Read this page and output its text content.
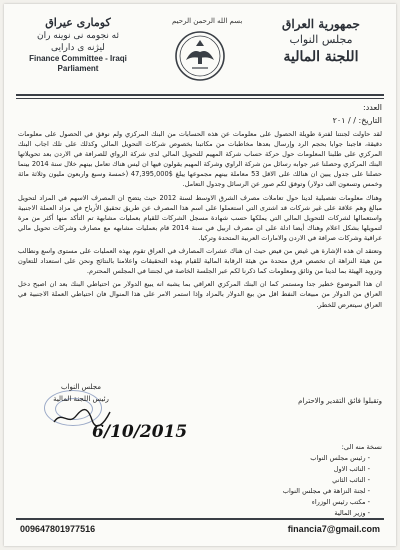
كومارى عيراق
ئه نجومه نى نوينه ران
ليژنه ى دارايى
Finance Committee - Iraqi
Parliament
بسم الله الرحمن الرحيم	جمهورية العراق
مجلس النواب
اللجنة المالية
العدد:
التاريخ: / / ٢٠١

لقد حاولت لجنتنا لفترة طويلة الحصول على معلومات عن هذه الحسابات من البنك المركزي ولم نوفق في الحصول على معلومات دقيقة، فاجبنا جوابا بحجم الرد وإرسال بعدها مخاطبات من مكاتبنا بخصوص شركات التحويل المالي وكذلك على تلك اجاب البنك المركزي على طلبنا المعلومات حول حركة حساب شركة المهيم للتحويل المالي لدى شركة الرواي للصرافة في الاردن بعد تحويلاتها البنك المركزي وحصلنا عبر جوابه رسائل من شركة الراوي وشركة المهيم يقولون فيها ان ليس هناك تعامل بينهم خلال سنة 2014 بينما حصلنا على جدول يبين ان هنالك على الاقل 53 معاملة بينهم مجموعها يبلغ $47,395,000 (خمسة وسبع واربعون مليون وثلاثة مائة وخمس وتسعون الف دولار) وتوفق لكم صور عن الرسائل وجدول التعامل.

وهناك معلومات تفصيلية لدينا حول تعاملات مصرف الشرق الاوسط لسنة 2012 حيث يتضح ان المصرف الاسهم في المزاد لتحويل مبالغ وهم علاقة على غير شركات قد اشترى التي استعملوا على اسم هذا المصرف عن طريق تحقيق الأرباح في مزاد العملة الاجنبية واستعمالها لشركات للتحويل المالي التي يملكها حسب شهادة مسجل الشركات للقيام بعمليات مشابهة تم التأكد منها أكثر من مرة لتمويلها بشكل اعلام وهناك أيضا ادلة على ان مصرف اربيل في سنة 2014 قام بعمليات مشابهه مع مصارف وشركات تحويل مالي عراقية وشركات صرافة في الاردن والامارات العربية المتحدة وتركيا.

وتعتقد ان هذه الإشارة هي غيض من فيض حيث ان هناك عشرات المصارف في العراق تقوم بهذه العمليات على مستوى واسع ونطالب من هيئة النزاهة ان تخصص فرق متحدة من هيئة الرقابة المالية للقيام بهذه التحقيقات واعلامنا بالنتائج ونحن على استعداد للتعاون وتزويد الهيئة بما لدينا من وثائق ومعلومات كما ذكرنا لكم عبر الجلسة الخاصة في لجنتنا في المجلس المحترم.

ان هذا الموضوع خطير جدا ومستمر كما ان البنك المركزي العراقي بما يشبه انه يبيع الدولار من احتياطي البنك بعد ان اصبح دخل العراق من الدولار من مبيعات النفط اقل من بيع الدولار بالمزاد وإذا استمر الامر على هذا المنوال فان احتياطي العملة الاجنبية في العراق سيتعرض للخطر.

وتقبلوا فائق التقدير والاحترام
مجلس النواب
رئيس اللجنة المالية
6/10/2015
نسخة منه الى:
- رئيس مجلس النواب
- النائب الاول
- النائب الثاني
- لجنة النزاهة في مجلس النواب
- مكتب رئيس الوزراء
- وزير المالية
009647801977516	financia7@gmail.com
